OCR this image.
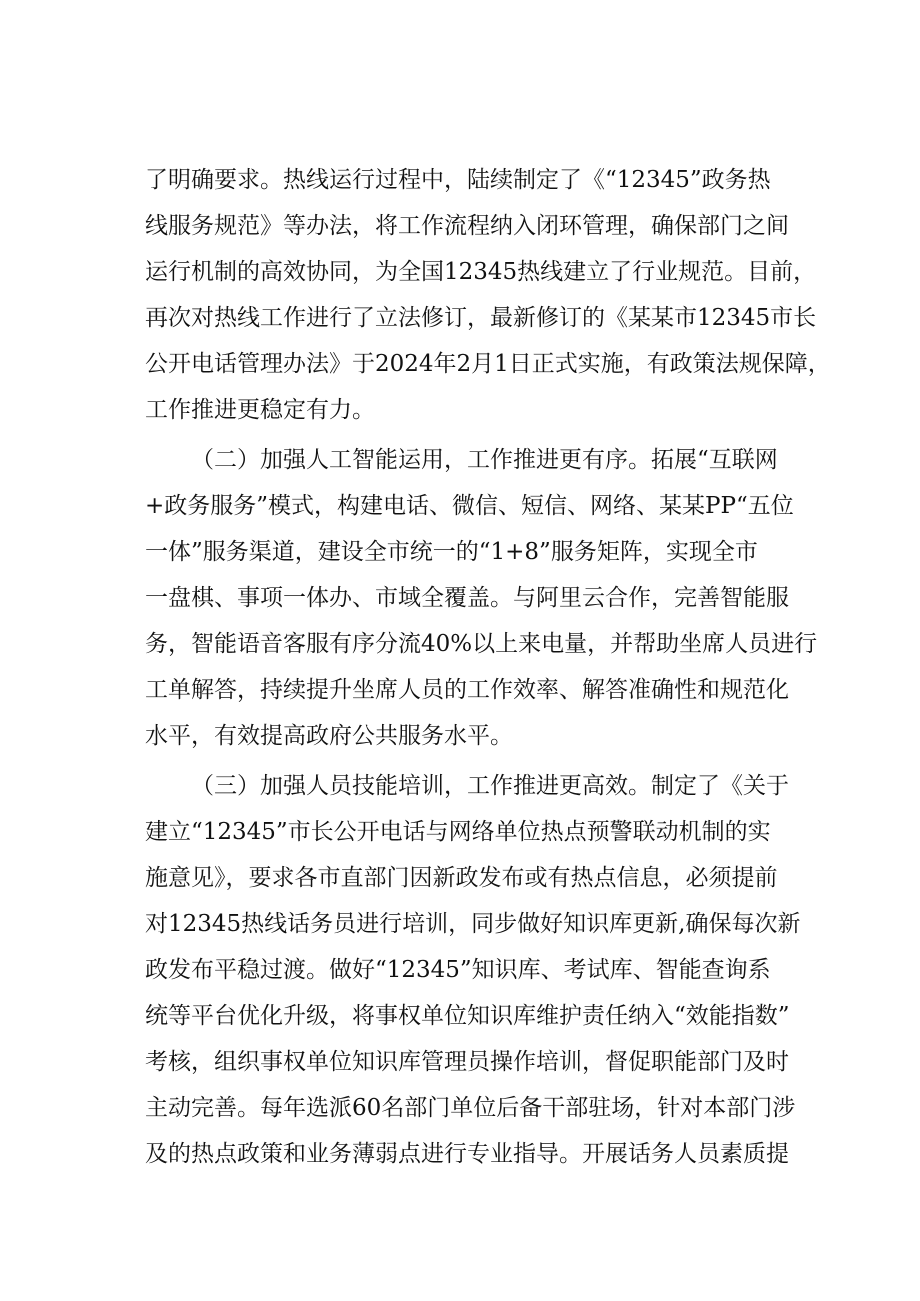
了明确要求。热线运行过程中，陆续制定了《“12345”政务热
线服务规范》等办法，将工作流程纳入闭环管理，确保部门之间
运行机制的高效协同，为全国12345热线建立了行业规范。目前，
再次对热线工作进行了立法修订，最新修订的《某某市12345市长
公开电话管理办法》于2024年2月1日正式实施，有政策法规保障，
工作推进更稳定有力。
（二）加强人工智能运用，工作推进更有序。拓展“互联网
+政务服务”模式，构建电话、微信、短信、网络、某某PP“五位
一体”服务渠道，建设全市统一的“1+8”服务矩阵，实现全市
一盘棋、事项一体办、市域全覆盖。与阿里云合作，完善智能服
务，智能语音客服有序分流40%以上来电量，并帮助坐席人员进行
工单解答，持续提升坐席人员的工作效率、解答准确性和规范化
水平，有效提高政府公共服务水平。
（三）加强人员技能培训，工作推进更高效。制定了《关于
建立“12345”市长公开电话与网络单位热点预警联动机制的实
施意见》，要求各市直部门因新政发布或有热点信息，必须提前
对12345热线话务员进行培训，同步做好知识库更新,确保每次新
政发布平稳过渡。做好“12345”知识库、考试库、智能查询系
统等平台优化升级，将事权单位知识库维护责任纳入“效能指数”
考核，组织事权单位知识库管理员操作培训，督促职能部门及时
主动完善。每年选派60名部门单位后备干部驻场，针对本部门涉
及的热点政策和业务薄弱点进行专业指导。开展话务人员素质提
